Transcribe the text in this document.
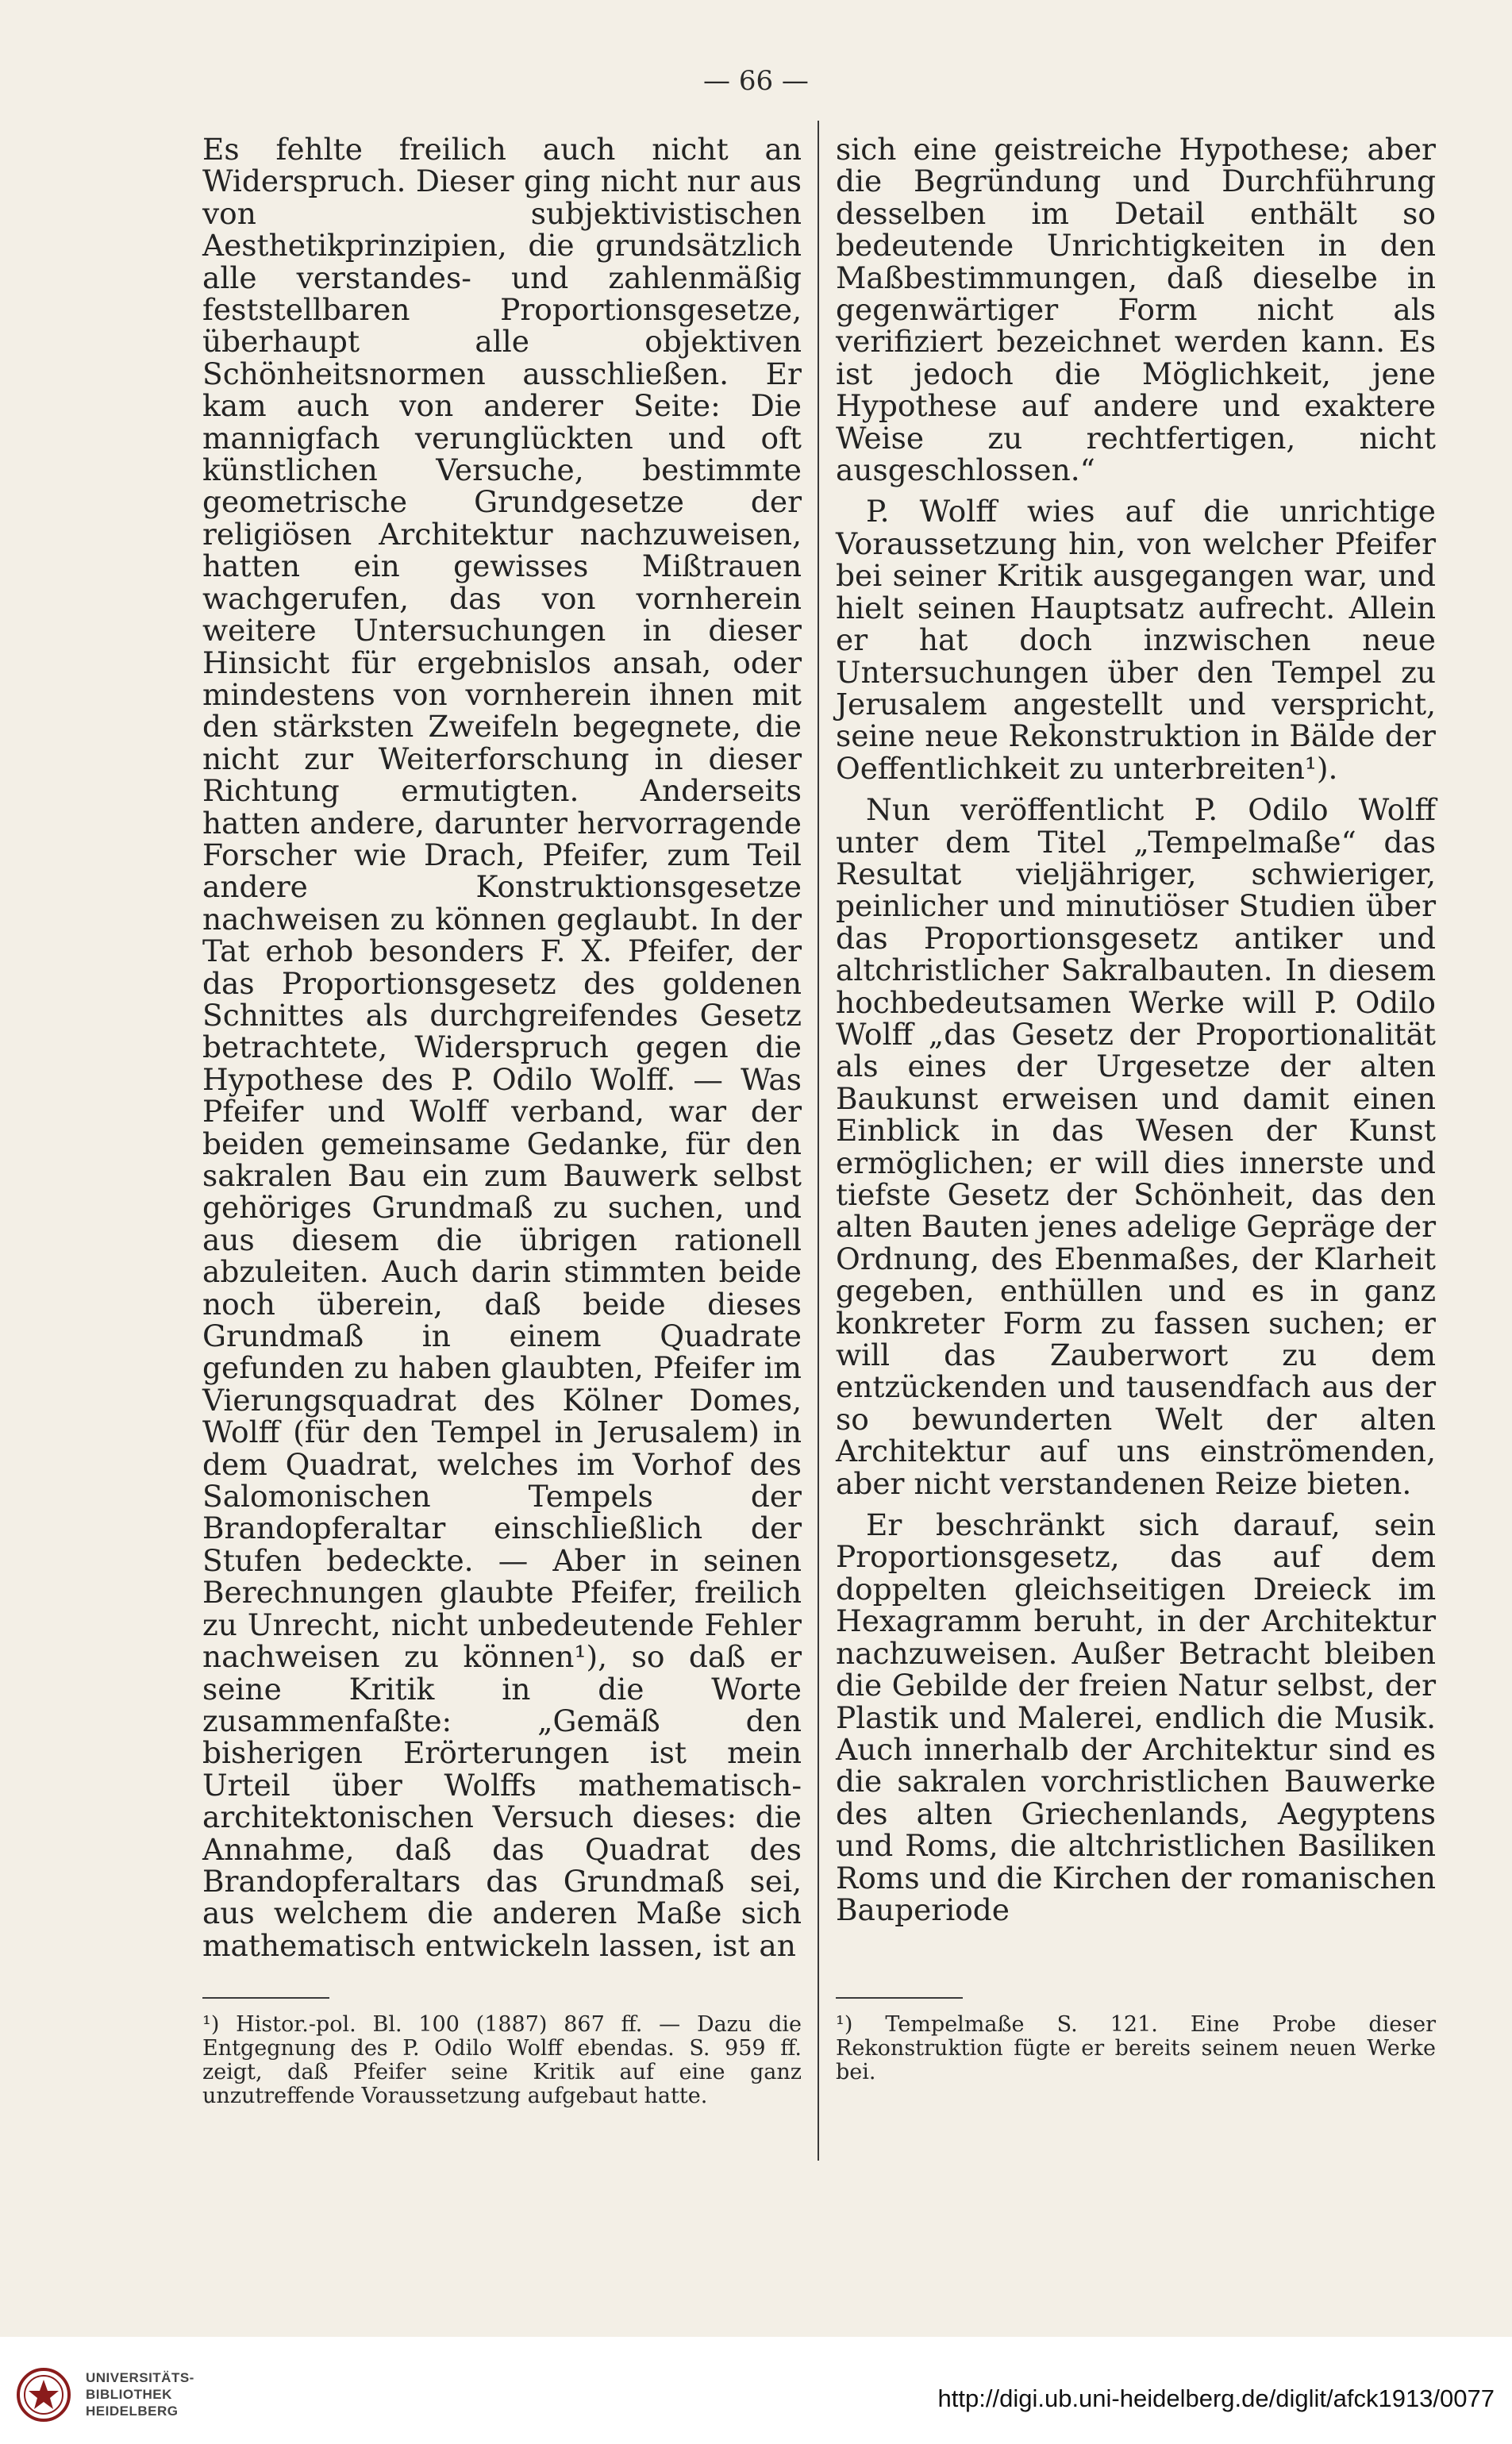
— 66 —

Es fehlte freilich auch nicht an Widerspruch. Dieser ging nicht nur aus von subjektivistischen Aesthetikprinzipien, die grundsätzlich alle verstandes- und zahlenmäßig feststellbaren Proportionsgesetze, überhaupt alle objektiven Schönheitsnormen ausschließen. Er kam auch von anderer Seite: Die mannigfach verunglückten und oft künstlichen Versuche, bestimmte geometrische Grundgesetze der religiösen Architektur nachzuweisen, hatten ein gewisses Mißtrauen wachgerufen, das von vornherein weitere Untersuchungen in dieser Hinsicht für ergebnislos ansah, oder mindestens von vornherein ihnen mit den stärksten Zweifeln begegnete, die nicht zur Weiterforschung in dieser Richtung ermutigten. Anderseits hatten andere, darunter hervorragende Forscher wie Drach, Pfeifer, zum Teil andere Konstruktionsgesetze nachweisen zu können geglaubt. In der Tat erhob besonders F. X. Pfeifer, der das Proportionsgesetz des goldenen Schnittes als durchgreifendes Gesetz betrachtete, Widerspruch gegen die Hypothese des P. Odilo Wolff. — Was Pfeifer und Wolff verband, war der beiden gemeinsame Gedanke, für den sakralen Bau ein zum Bauwerk selbst gehöriges Grundmaß zu suchen, und aus diesem die übrigen rationell abzuleiten. Auch darin stimmten beide noch überein, daß beide dieses Grundmaß in einem Quadrate gefunden zu haben glaubten, Pfeifer im Vierungsquadrat des Kölner Domes, Wolff (für den Tempel in Jerusalem) in dem Quadrat, welches im Vorhof des Salomonischen Tempels der Brandopferaltar einschließlich der Stufen bedeckte. — Aber in seinen Berechnungen glaubte Pfeifer, freilich zu Unrecht, nicht unbedeutende Fehler nachweisen zu können¹), so daß er seine Kritik in die Worte zusammenfaßte: „Gemäß den bisherigen Erörterungen ist mein Urteil über Wolffs mathematisch-architektonischen Versuch dieses: die Annahme, daß das Quadrat des Brandopferaltars das Grundmaß sei, aus welchem die anderen Maße sich mathematisch entwickeln lassen, ist an

sich eine geistreiche Hypothese; aber die Begründung und Durchführung desselben im Detail enthält so bedeutende Unrichtigkeiten in den Maßbestimmungen, daß dieselbe in gegenwärtiger Form nicht als verifiziert bezeichnet werden kann. Es ist jedoch die Möglichkeit, jene Hypothese auf andere und exaktere Weise zu rechtfertigen, nicht ausgeschlossen.“

P. Wolff wies auf die unrichtige Voraussetzung hin, von welcher Pfeifer bei seiner Kritik ausgegangen war, und hielt seinen Hauptsatz aufrecht. Allein er hat doch inzwischen neue Untersuchungen über den Tempel zu Jerusalem angestellt und verspricht, seine neue Rekonstruktion in Bälde der Oeffentlichkeit zu unterbreiten¹).

Nun veröffentlicht P. Odilo Wolff unter dem Titel „Tempelmaße“ das Resultat vieljähriger, schwieriger, peinlicher und minutiöser Studien über das Proportionsgesetz antiker und altchristlicher Sakralbauten. In diesem hochbedeutsamen Werke will P. Odilo Wolff „das Gesetz der Proportionalität als eines der Urgesetze der alten Baukunst erweisen und damit einen Einblick in das Wesen der Kunst ermöglichen; er will dies innerste und tiefste Gesetz der Schönheit, das den alten Bauten jenes adelige Gepräge der Ordnung, des Ebenmaßes, der Klarheit gegeben, enthüllen und es in ganz konkreter Form zu fassen suchen; er will das Zauberwort zu dem entzückenden und tausendfach aus der so bewunderten Welt der alten Architektur auf uns einströmenden, aber nicht verstandenen Reize bieten.

Er beschränkt sich darauf, sein Proportionsgesetz, das auf dem doppelten gleichseitigen Dreieck im Hexagramm beruht, in der Architektur nachzuweisen. Außer Betracht bleiben die Gebilde der freien Natur selbst, der Plastik und Malerei, endlich die Musik. Auch innerhalb der Architektur sind es die sakralen vorchristlichen Bauwerke des alten Griechenlands, Aegyptens und Roms, die altchristlichen Basiliken Roms und die Kirchen der romanischen Bauperiode

¹) Histor.-pol. Bl. 100 (1887) 867 ff. — Dazu die Entgegnung des P. Odilo Wolff ebendas. S. 959 ff. zeigt, daß Pfeifer seine Kritik auf eine ganz unzutreffende Voraussetzung aufgebaut hatte.
¹) Tempelmaße S. 121. Eine Probe dieser Rekonstruktion fügte er bereits seinem neuen Werke bei.
UNIVERSITÄTS-
BIBLIOTHEK
HEIDELBERG	http://digi.ub.uni-heidelberg.de/diglit/afck1913/0077
